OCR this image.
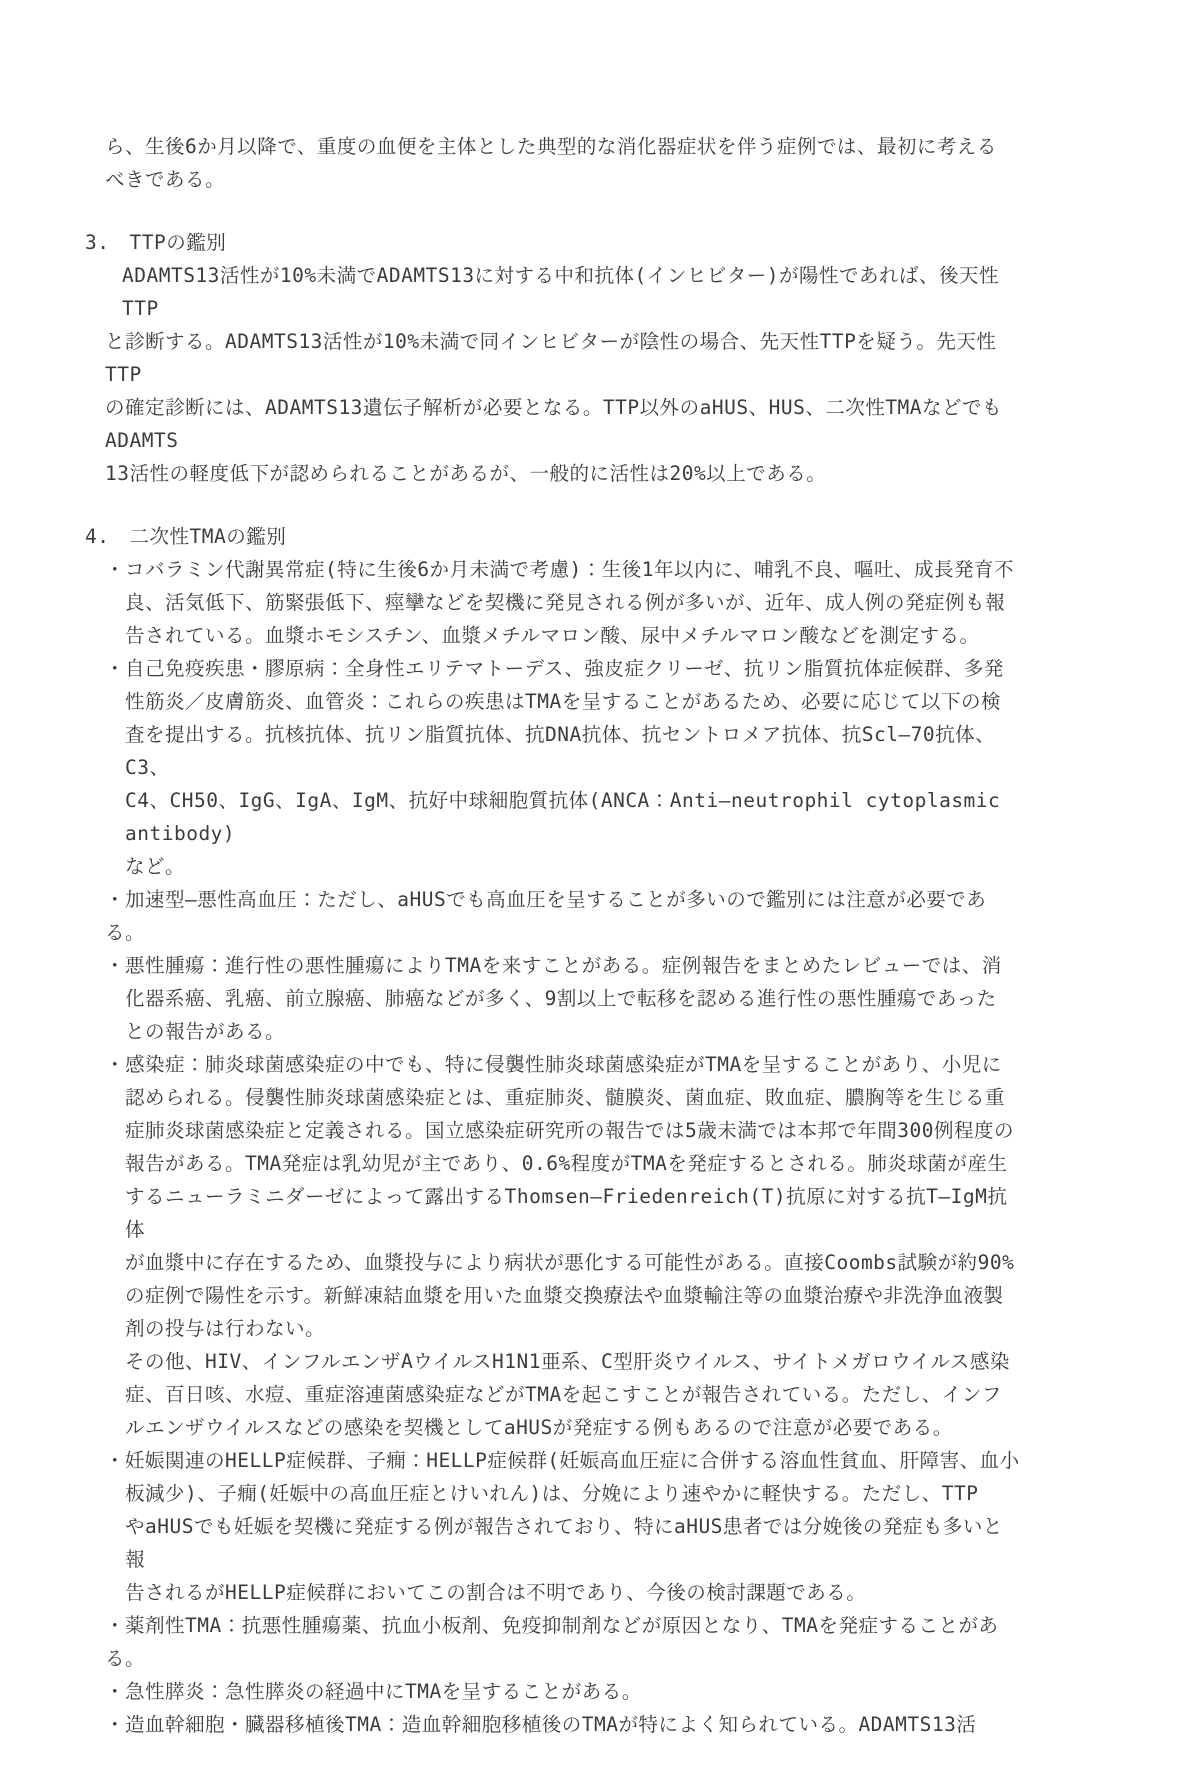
ら、生後6か月以降で、重度の血便を主体とした典型的な消化器症状を伴う症例では、最初に考える
べきである。
3.　TTPの鑑別
ADAMTS13活性が10%未満でADAMTS13に対する中和抗体(インヒビター)が陽性であれば、後天性TTP
と診断する。ADAMTS13活性が10%未満で同インヒビターが陰性の場合、先天性TTPを疑う。先天性TTP
の確定診断には、ADAMTS13遺伝子解析が必要となる。TTP以外のaHUS、HUS、二次性TMAなどでもADAMTS
13活性の軽度低下が認められることがあるが、一般的に活性は20%以上である。
4.　二次性TMAの鑑別
・コバラミン代謝異常症(特に生後6か月未満で考慮)：生後1年以内に、哺乳不良、嘔吐、成長発育不
良、活気低下、筋緊張低下、痙攣などを契機に発見される例が多いが、近年、成人例の発症例も報
告されている。血漿ホモシスチン、血漿メチルマロン酸、尿中メチルマロン酸などを測定する。
・自己免疫疾患・膠原病：全身性エリテマトーデス、強皮症クリーゼ、抗リン脂質抗体症候群、多発
性筋炎／皮膚筋炎、血管炎：これらの疾患はTMAを呈することがあるため、必要に応じて以下の検
査を提出する。抗核抗体、抗リン脂質抗体、抗DNA抗体、抗セントロメア抗体、抗Scl—70抗体、C3、
C4、CH50、IgG、IgA、IgM、抗好中球細胞質抗体(ANCA：Anti—neutrophil cytoplasmic antibody)
など。
・加速型—悪性高血圧：ただし、aHUSでも高血圧を呈することが多いので鑑別には注意が必要である。
・悪性腫瘍：進行性の悪性腫瘍によりTMAを来すことがある。症例報告をまとめたレビューでは、消
化器系癌、乳癌、前立腺癌、肺癌などが多く、9割以上で転移を認める進行性の悪性腫瘍であった
との報告がある。
・感染症：肺炎球菌感染症の中でも、特に侵襲性肺炎球菌感染症がTMAを呈することがあり、小児に
認められる。侵襲性肺炎球菌感染症とは、重症肺炎、髄膜炎、菌血症、敗血症、膿胸等を生じる重
症肺炎球菌感染症と定義される。国立感染症研究所の報告では5歳未満では本邦で年間300例程度の
報告がある。TMA発症は乳幼児が主であり、0.6%程度がTMAを発症するとされる。肺炎球菌が産生
するニューラミニダーゼによって露出するThomsen—Friedenreich(T)抗原に対する抗T—IgM抗体
が血漿中に存在するため、血漿投与により病状が悪化する可能性がある。直接Coombs試験が約90%
の症例で陽性を示す。新鮮凍結血漿を用いた血漿交換療法や血漿輸注等の血漿治療や非洗浄血液製
剤の投与は行わない。
その他、HIV、インフルエンザAウイルスH1N1亜系、C型肝炎ウイルス、サイトメガロウイルス感染
症、百日咳、水痘、重症溶連菌感染症などがTMAを起こすことが報告されている。ただし、インフ
ルエンザウイルスなどの感染を契機としてaHUSが発症する例もあるので注意が必要である。
・妊娠関連のHELLP症候群、子癇：HELLP症候群(妊娠高血圧症に合併する溶血性貧血、肝障害、血小
板減少)、子癇(妊娠中の高血圧症とけいれん)は、分娩により速やかに軽快する。ただし、TTP
やaHUSでも妊娠を契機に発症する例が報告されており、特にaHUS患者では分娩後の発症も多いと報
告されるがHELLP症候群においてこの割合は不明であり、今後の検討課題である。
・薬剤性TMA：抗悪性腫瘍薬、抗血小板剤、免疫抑制剤などが原因となり、TMAを発症することがある。
・急性膵炎：急性膵炎の経過中にTMAを呈することがある。
・造血幹細胞・臓器移植後TMA：造血幹細胞移植後のTMAが特によく知られている。ADAMTS13活
